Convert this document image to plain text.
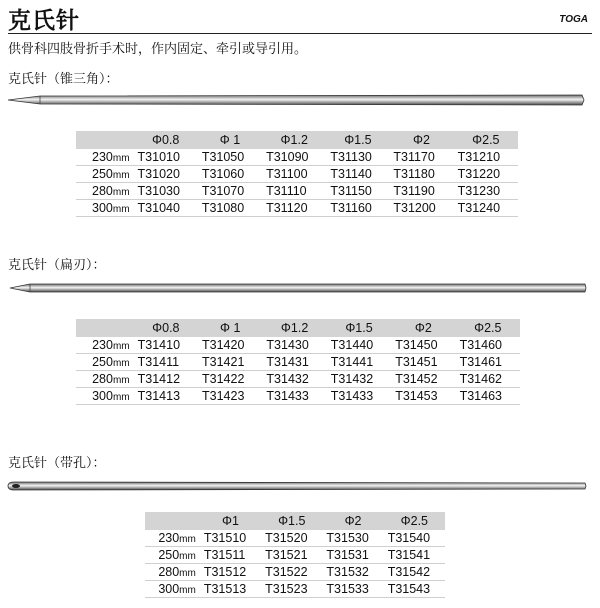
克氏针	TOGA
供骨科四肢骨折手术时，作内固定、牵引或导引用。
克氏针（锥三角）：
	Φ0.8	Φ 1	Φ1.2	Φ1.5	Φ2	Φ2.5
230mm	T31010	T31050	T31090	T31130	T31170	T31210
250mm	T31020	T31060	T31100	T31140	T31180	T31220
280mm	T31030	T31070	T31110	T31150	T31190	T31230
300mm	T31040	T31080	T31120	T31160	T31200	T31240
克氏针（扁刃）：
	Φ0.8	Φ 1	Φ1.2	Φ1.5	Φ2	Φ2.5
230mm	T31410	T31420	T31430	T31440	T31450	T31460
250mm	T31411	T31421	T31431	T31441	T31451	T31461
280mm	T31412	T31422	T31432	T31432	T31452	T31462
300mm	T31413	T31423	T31433	T31433	T31453	T31463
克氏针（带孔）：
	Φ1	Φ1.5	Φ2	Φ2.5
230mm	T31510	T31520	T31530	T31540
250mm	T31511	T31521	T31531	T31541
280mm	T31512	T31522	T31532	T31542
300mm	T31513	T31523	T31533	T31543
